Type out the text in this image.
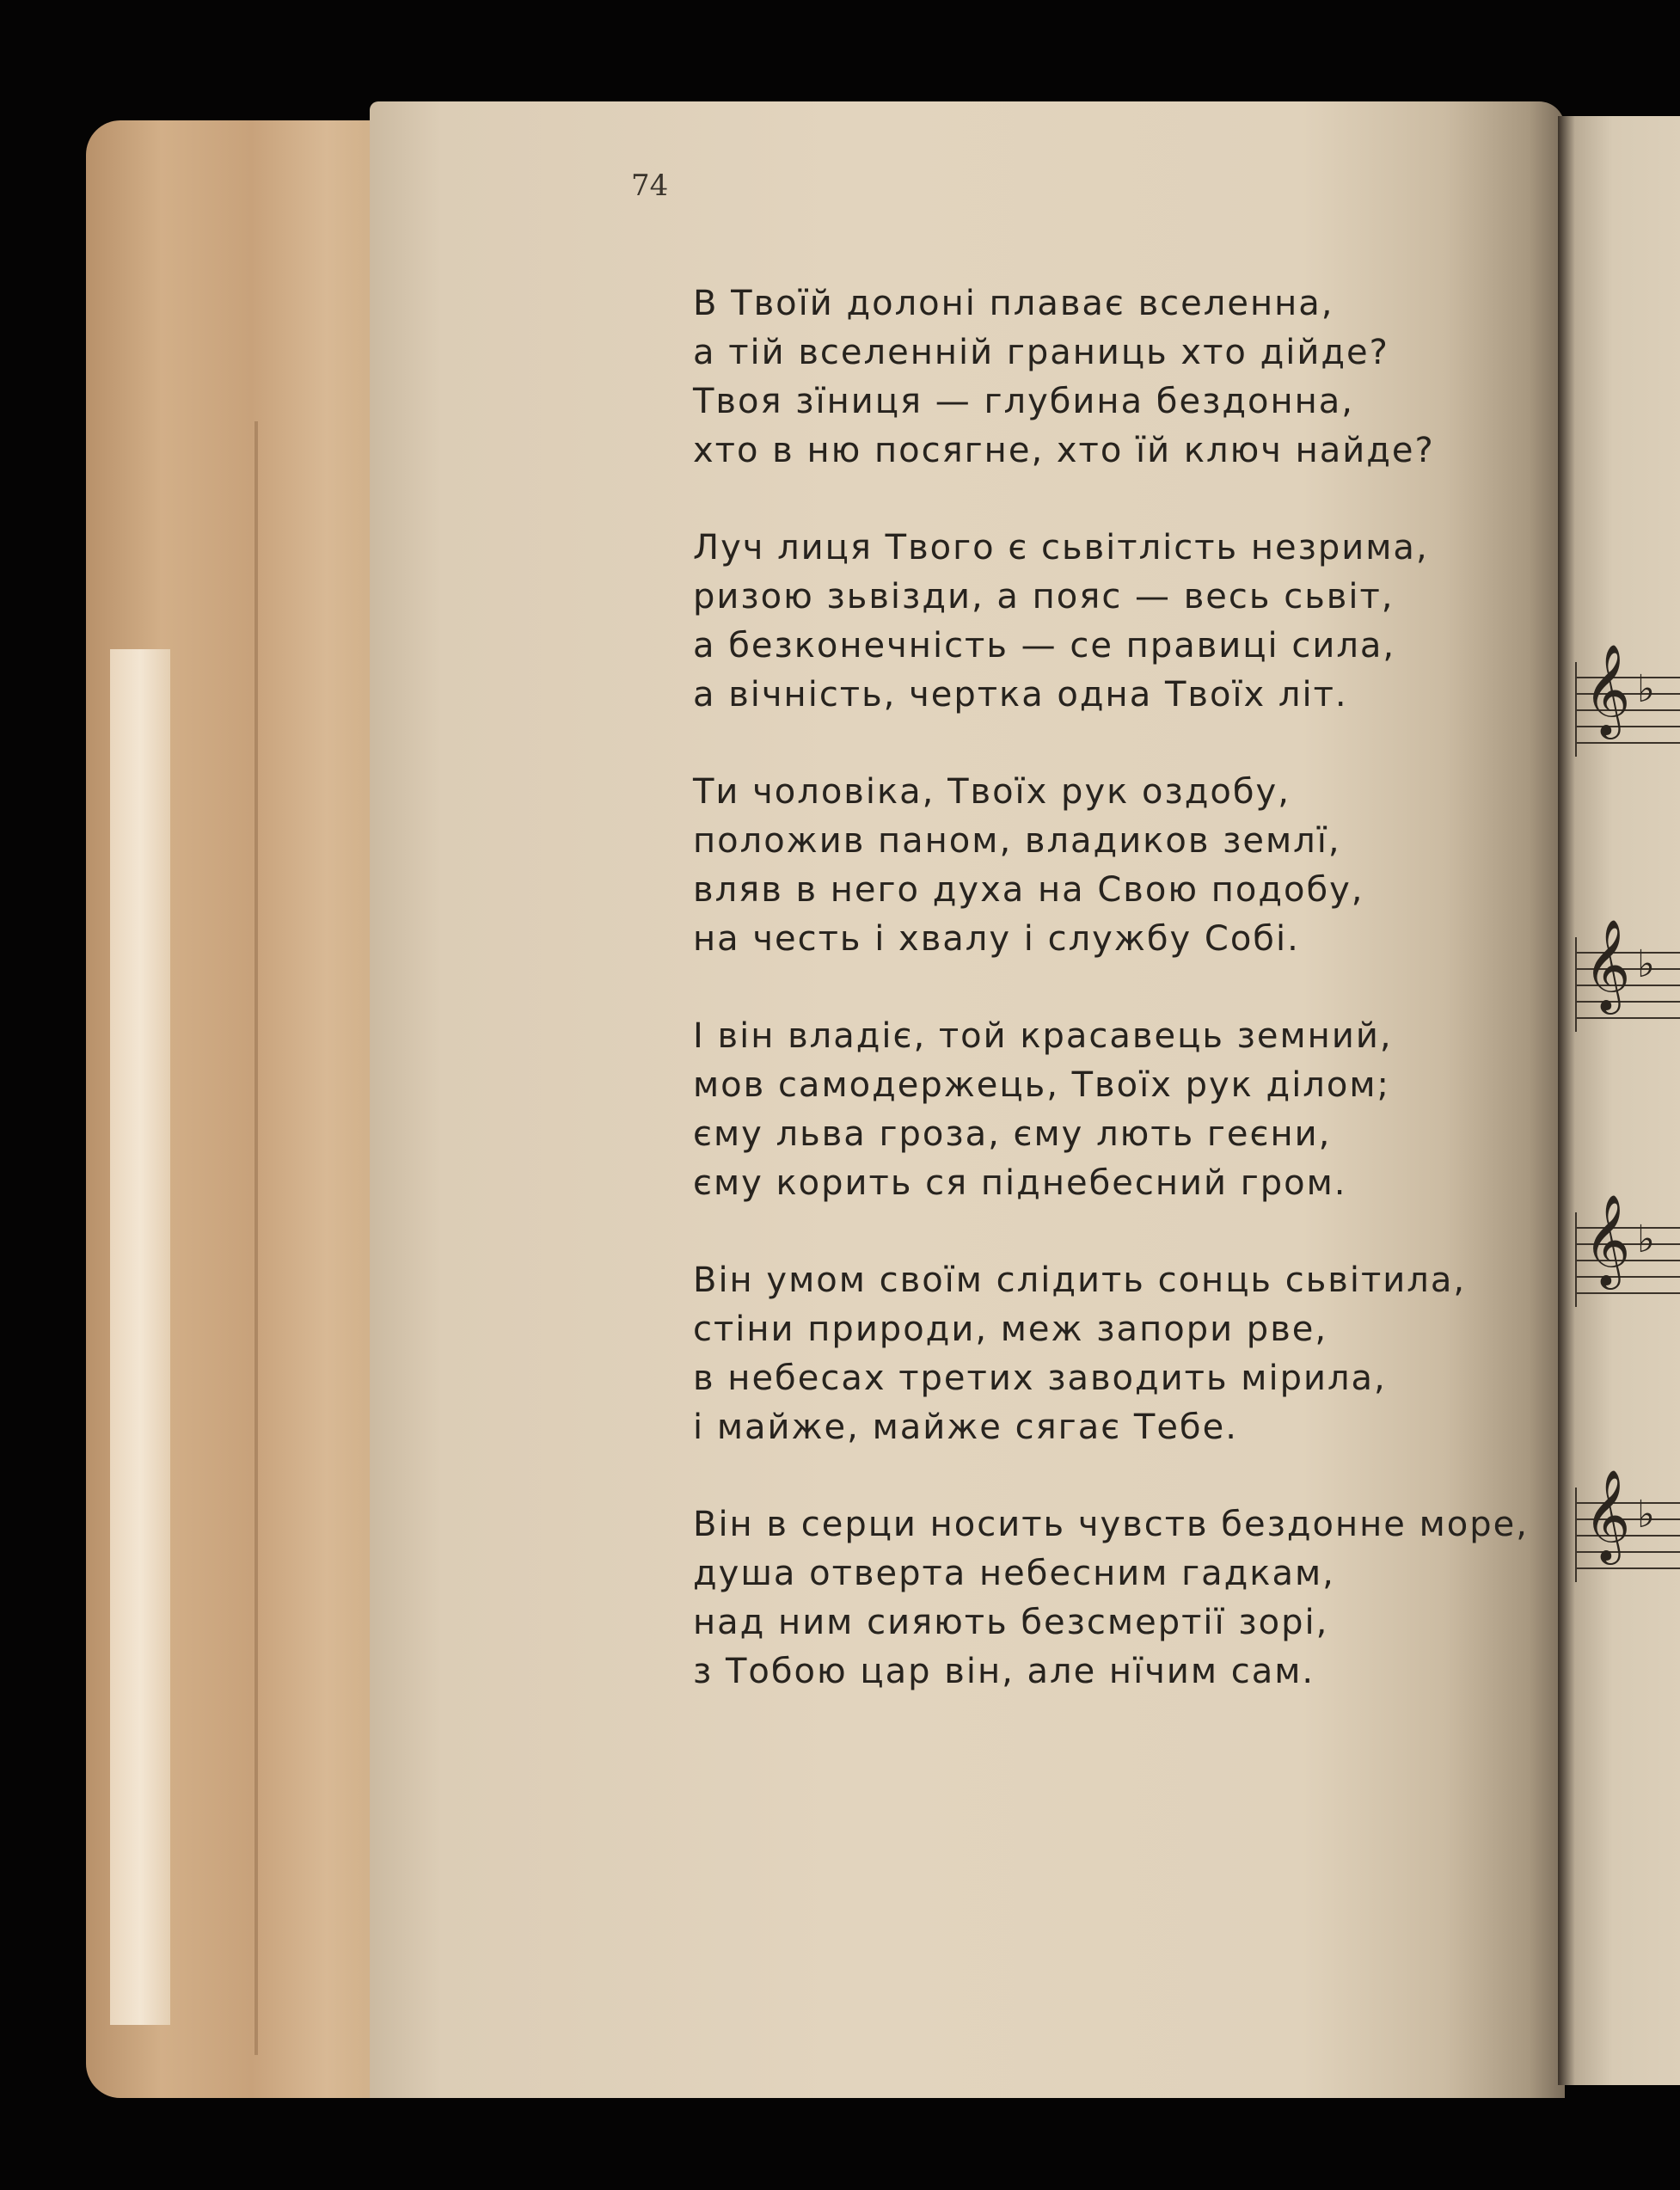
74
В Твоїй долоні плаває вселенна,
а тій вселенній границь хто дійде?
Твоя зїниця — глубина бездонна,
хто в ню посягне, хто їй ключ найде?
Луч лиця Твого є сьвітлість незрима,
ризою зьвізди, а пояс — весь сьвіт,
а безконечність — се правиці сила,
а вічність, чертка одна Твоїх літ.
Ти чоловіка, Твоїх рук оздобу,
положив паном, владиков землї,
вляв в него духа на Свою подобу,
на честь і хвалу і службу Собі.
І він владіє, той красавець земний,
мов самодержець, Твоїх рук ділом;
єму льва гроза, єму лють геєни,
єму корить ся піднебесний гром.
Він умом своїм слідить сонць сьвітила,
стіни природи, меж запори рве,
в небесах третих заводить мірила,
і майже, майже сягає Тебе.
Він в серци носить чувств бездонне море,
душа отверта небесним гадкам,
над ним сияють безсмертії зорі,
з Тобою цар він, але нїчим сам.
𝄞 ♭
𝄞 ♭
𝄞 ♭
𝄞 ♭
